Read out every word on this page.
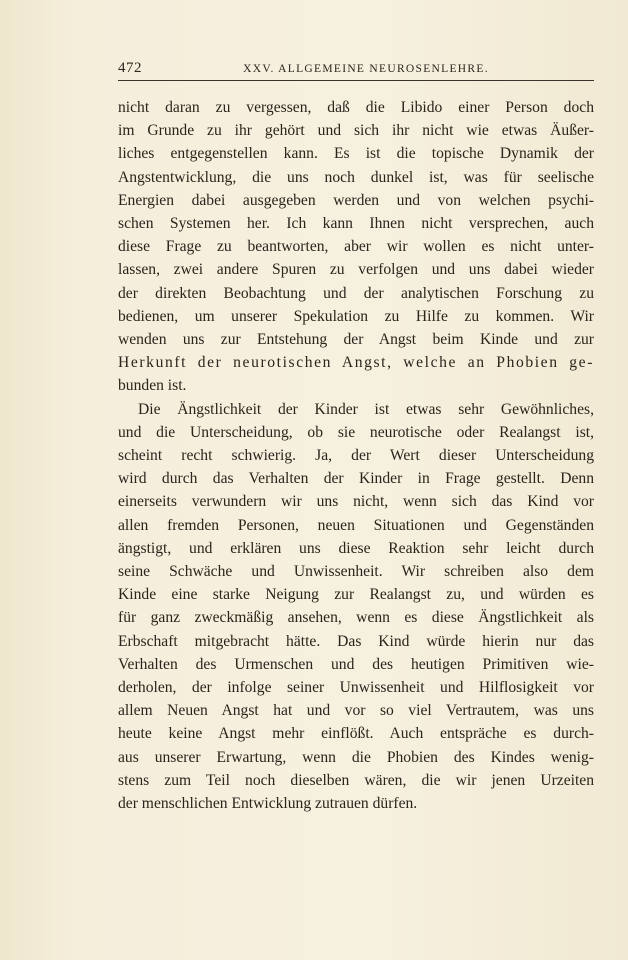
472	XXV. ALLGEMEINE NEUROSENLEHRE.
nicht daran zu vergessen, daß die Libido einer Person doch
im Grunde zu ihr gehört und sich ihr nicht wie etwas Äußer-
liches entgegenstellen kann. Es ist die topische Dynamik der
Angstentwicklung, die uns noch dunkel ist, was für seelische
Energien dabei ausgegeben werden und von welchen psychi-
schen Systemen her. Ich kann Ihnen nicht versprechen, auch
diese Frage zu beantworten, aber wir wollen es nicht unter-
lassen, zwei andere Spuren zu verfolgen und uns dabei wieder
der direkten Beobachtung und der analytischen Forschung zu
bedienen, um unserer Spekulation zu Hilfe zu kommen. Wir
wenden uns zur Entstehung der Angst beim Kinde und zur
Herkunft der neurotischen Angst, welche an Phobien ge-
bunden ist.
Die Ängstlichkeit der Kinder ist etwas sehr Gewöhnliches,
und die Unterscheidung, ob sie neurotische oder Realangst ist,
scheint recht schwierig. Ja, der Wert dieser Unterscheidung
wird durch das Verhalten der Kinder in Frage gestellt. Denn
einerseits verwundern wir uns nicht, wenn sich das Kind vor
allen fremden Personen, neuen Situationen und Gegenständen
ängstigt, und erklären uns diese Reaktion sehr leicht durch
seine Schwäche und Unwissenheit. Wir schreiben also dem
Kinde eine starke Neigung zur Realangst zu, und würden es
für ganz zweckmäßig ansehen, wenn es diese Ängstlichkeit als
Erbschaft mitgebracht hätte. Das Kind würde hierin nur das
Verhalten des Urmenschen und des heutigen Primitiven wie-
derholen, der infolge seiner Unwissenheit und Hilflosigkeit vor
allem Neuen Angst hat und vor so viel Vertrautem, was uns
heute keine Angst mehr einflößt. Auch entspräche es durch-
aus unserer Erwartung, wenn die Phobien des Kindes wenig-
stens zum Teil noch dieselben wären, die wir jenen Urzeiten
der menschlichen Entwicklung zutrauen dürfen.
